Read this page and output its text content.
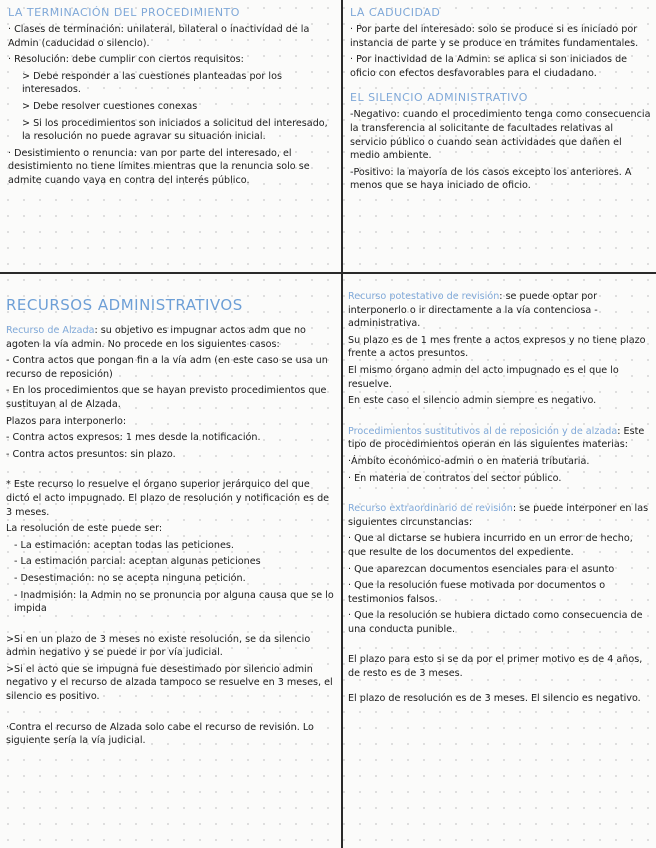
LA TERMINACIÓN DEL PROCEDIMIENTO

· Clases de terminación: unilateral, bilateral o inactividad de la Admin (caducidad o silencio).

· Resolución: debe cumplir con ciertos requisitos:

> Debe responder a las cuestiones planteadas por los interesados.

> Debe resolver cuestiones conexas

> Si los procedimientos son iniciados a solicitud del interesado, la resolución no puede agravar su situación inicial.

· Desistimiento o renuncia: van por parte del interesado, el desistimiento no tiene límites mientras que la renuncia solo se admite cuando vaya en contra del interés público.

LA CADUCIDAD

· Por parte del interesado: solo se produce si es iniciado por instancia de parte y se produce en trámites fundamentales.

· Por inactividad de la Admin: se aplica si son iniciados de oficio con efectos desfavorables para el ciudadano.

EL SILENCIO ADMINISTRATIVO

-Negativo: cuando el procedimiento tenga como consecuencia la transferencia al solicitante de facultades relativas al servicio público o cuando sean actividades que dañen el medio ambiente.

-Positivo: la mayoría de los casos excepto los anteriores. A menos que se haya iniciado de oficio.

RECURSOS ADMINISTRATIVOS

Recurso de Alzada: su objetivo es impugnar actos adm que no agoten la vía admin. No procede en los siguientes casos:

- Contra actos que pongan fin a la vía adm (en este caso se usa un recurso de reposición)

- En los procedimientos que se hayan previsto procedimientos que sustituyan al de Alzada.

Plazos para interponerlo:

- Contra actos expresos: 1 mes desde la notificación.

- Contra actos presuntos: sin plazo.

* Este recurso lo resuelve el órgano superior jerárquico del que dictó el acto impugnado. El plazo de resolución y notificación es de 3 meses.

La resolución de este puede ser:

- La estimación: aceptan todas las peticiones.

- La estimación parcial: aceptan algunas peticiones

- Desestimación: no se acepta ninguna petición.

- Inadmisión: la Admin no se pronuncia por alguna causa que se lo impida

>Si en un plazo de 3 meses no existe resolución, se da silencio admin negativo y se puede ir por vía judicial.

>Si el acto que se impugna fue desestimado por silencio admin negativo y el recurso de alzada tampoco se resuelve en 3 meses, el silencio es positivo.

·Contra el recurso de Alzada solo cabe el recurso de revisión. Lo siguiente sería la vía judicial.

Recurso potestativo de revisión: se puede optar por interponerlo o ir directamente a la vía contenciosa -administrativa.

Su plazo es de 1 mes frente a actos expresos y no tiene plazo frente a actos presuntos.

El mismo órgano admin del acto impugnado es el que lo resuelve.

En este caso el silencio admin siempre es negativo.

Procedimientos sustitutivos al de reposición y de alzada: Este tipo de procedimientos operan en las siguientes materias:

·Ámbito económico-admin o en materia tributaria.

· En materia de contratos del sector público.

Recurso extraordinario de revisión: se puede interponer en las siguientes circunstancias:

· Que al dictarse se hubiera incurrido en un error de hecho, que resulte de los documentos del expediente.

· Que aparezcan documentos esenciales para el asunto

· Que la resolución fuese motivada por documentos o testimonios falsos.

· Que la resolución se hubiera dictado como consecuencia de una conducta punible.

El plazo para esto si se da por el primer motivo es de 4 años, de resto es de 3 meses.

El plazo de resolución es de 3 meses. El silencio es negativo.
